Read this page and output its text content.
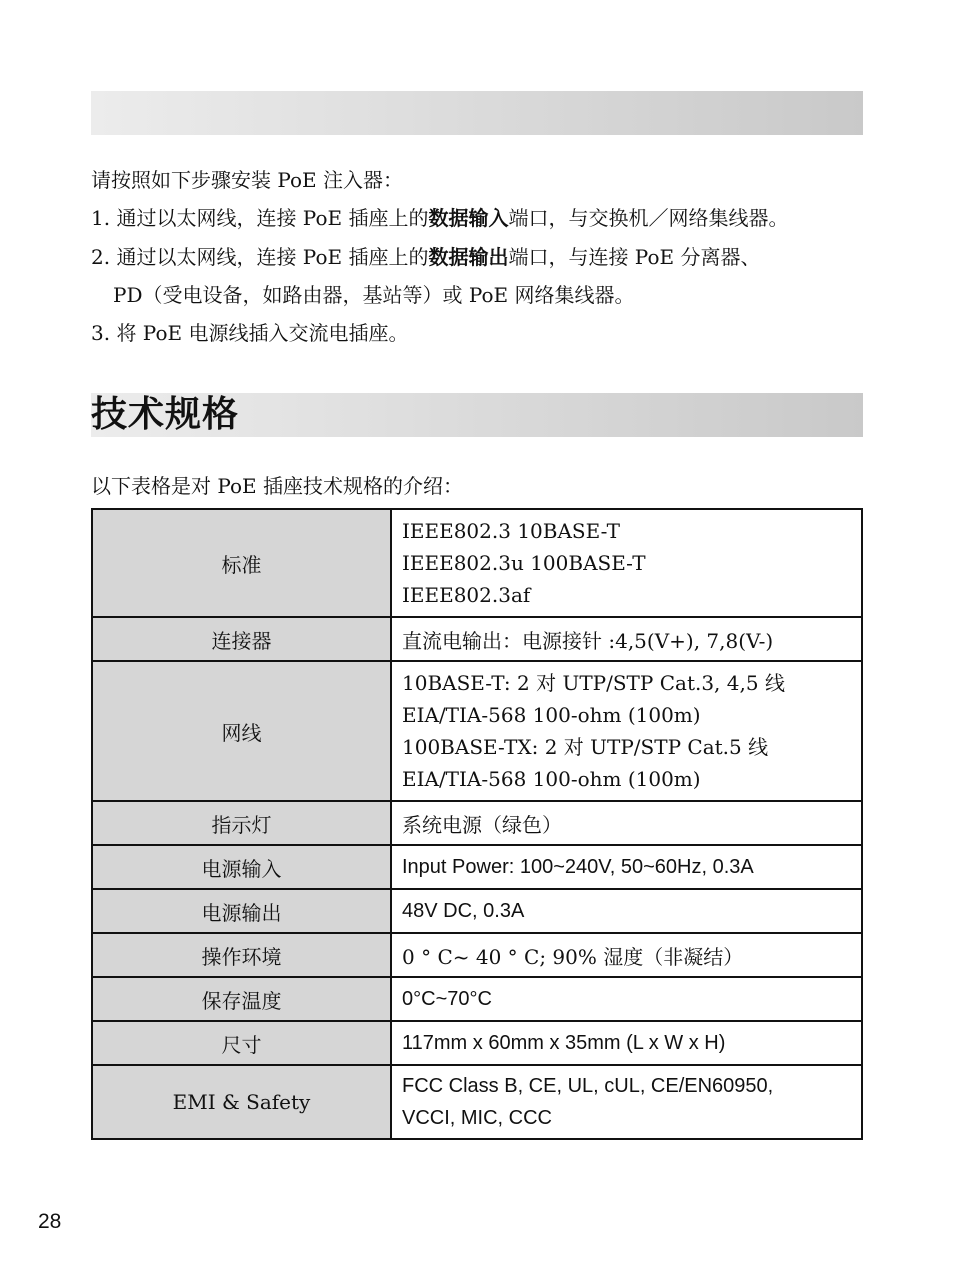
请按照如下步骤安装 PoE 注入器：
1. 通过以太网线，连接 PoE 插座上的数据输入端口，与交换机／网络集线器。
2. 通过以太网线，连接 PoE 插座上的数据输出端口，与连接 PoE 分离器、
PD（受电设备，如路由器，基站等）或 PoE 网络集线器。
3. 将 PoE 电源线插入交流电插座。
技术规格
以下表格是对 PoE 插座技术规格的介绍：
标准	IEEE802.3 10BASE-T
IEEE802.3u 100BASE-T
IEEE802.3af

连接器	直流电输出：电源接针 :4,5(V+), 7,8(V-)
网线	10BASE-T: 2 对 UTP/STP Cat.3, 4,5 线
EIA/TIA-568 100-ohm (100m)
100BASE-TX: 2 对 UTP/STP Cat.5 线
EIA/TIA-568 100-ohm (100m)

指示灯	系统电源（绿色）
电源输入	Input Power: 100~240V, 50~60Hz, 0.3A
电源输出	48V DC, 0.3A
操作环境	0 ° C~ 40 ° C; 90% 湿度（非凝结）
保存温度	0°C~70°C
尺寸	117mm x 60mm x 35mm (L x W x H)
EMI & Safety	FCC Class B, CE, UL, cUL, CE/EN60950,
VCCI, MIC, CCC
28
